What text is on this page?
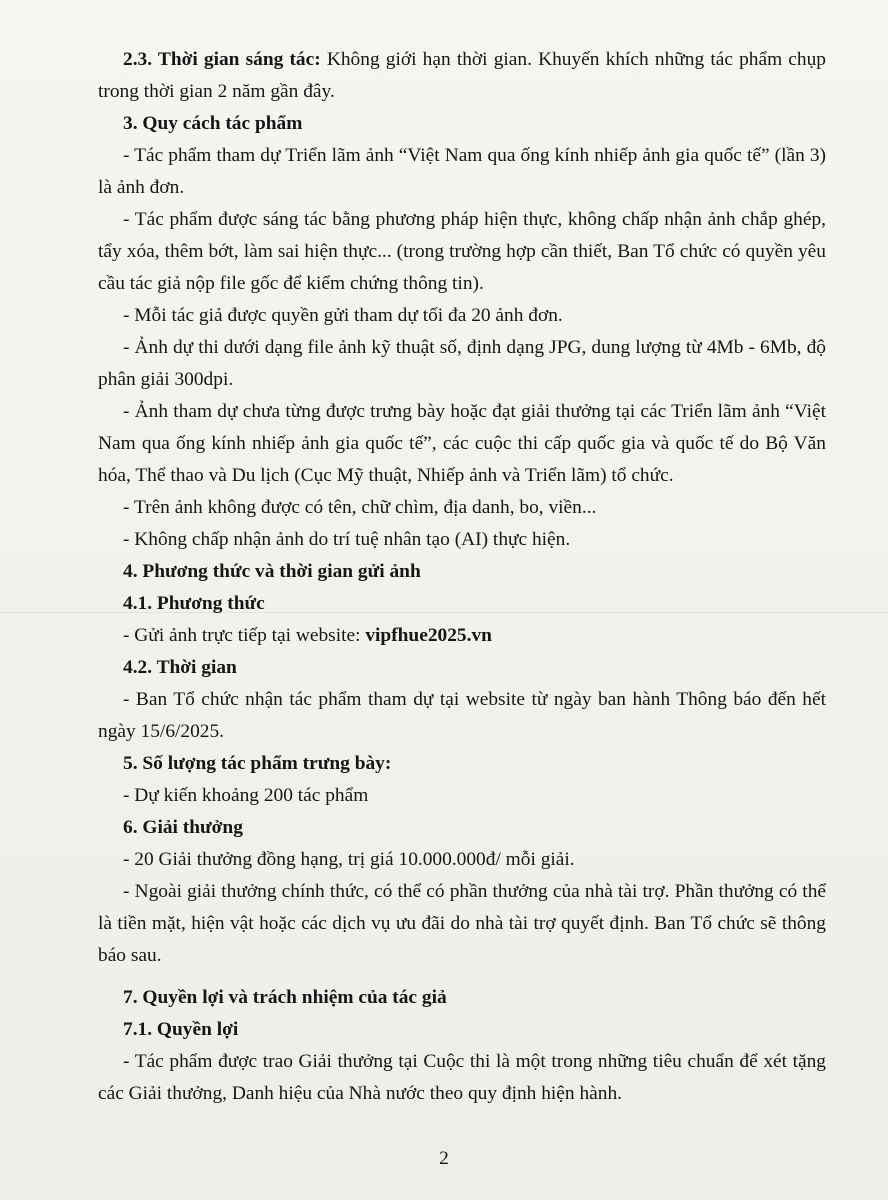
2.3. Thời gian sáng tác: Không giới hạn thời gian. Khuyến khích những tác phẩm chụp trong thời gian 2 năm gần đây.

3. Quy cách tác phẩm

- Tác phẩm tham dự Triển lãm ảnh “Việt Nam qua ống kính nhiếp ảnh gia quốc tế” (lần 3) là ảnh đơn.

- Tác phẩm được sáng tác bằng phương pháp hiện thực, không chấp nhận ảnh chắp ghép, tẩy xóa, thêm bớt, làm sai hiện thực... (trong trường hợp cần thiết, Ban Tổ chức có quyền yêu cầu tác giả nộp file gốc để kiểm chứng thông tin).

- Mỗi tác giả được quyền gửi tham dự tối đa 20 ảnh đơn.

- Ảnh dự thi dưới dạng file ảnh kỹ thuật số, định dạng JPG, dung lượng từ 4Mb - 6Mb, độ phân giải 300dpi.

- Ảnh tham dự chưa từng được trưng bày hoặc đạt giải thưởng tại các Triển lãm ảnh “Việt Nam qua ống kính nhiếp ảnh gia quốc tế”, các cuộc thi cấp quốc gia và quốc tế do Bộ Văn hóa, Thể thao và Du lịch (Cục Mỹ thuật, Nhiếp ảnh và Triển lãm) tổ chức.

- Trên ảnh không được có tên, chữ chìm, địa danh, bo, viền...

- Không chấp nhận ảnh do trí tuệ nhân tạo (AI) thực hiện.

4. Phương thức và thời gian gửi ảnh

4.1. Phương thức

- Gửi ảnh trực tiếp tại website: vipfhue2025.vn

4.2. Thời gian

- Ban Tổ chức nhận tác phẩm tham dự tại website từ ngày ban hành Thông báo đến hết ngày 15/6/2025.

5. Số lượng tác phẩm trưng bày:

- Dự kiến khoảng 200 tác phẩm

6. Giải thưởng

- 20 Giải thưởng đồng hạng, trị giá 10.000.000đ/ mỗi giải.

- Ngoài giải thưởng chính thức, có thể có phần thưởng của nhà tài trợ. Phần thưởng có thể là tiền mặt, hiện vật hoặc các dịch vụ ưu đãi do nhà tài trợ quyết định. Ban Tổ chức sẽ thông báo sau.

7. Quyền lợi và trách nhiệm của tác giả

7.1. Quyền lợi

- Tác phẩm được trao Giải thưởng tại Cuộc thi là một trong những tiêu chuẩn để xét tặng các Giải thưởng, Danh hiệu của Nhà nước theo quy định hiện hành.

2
